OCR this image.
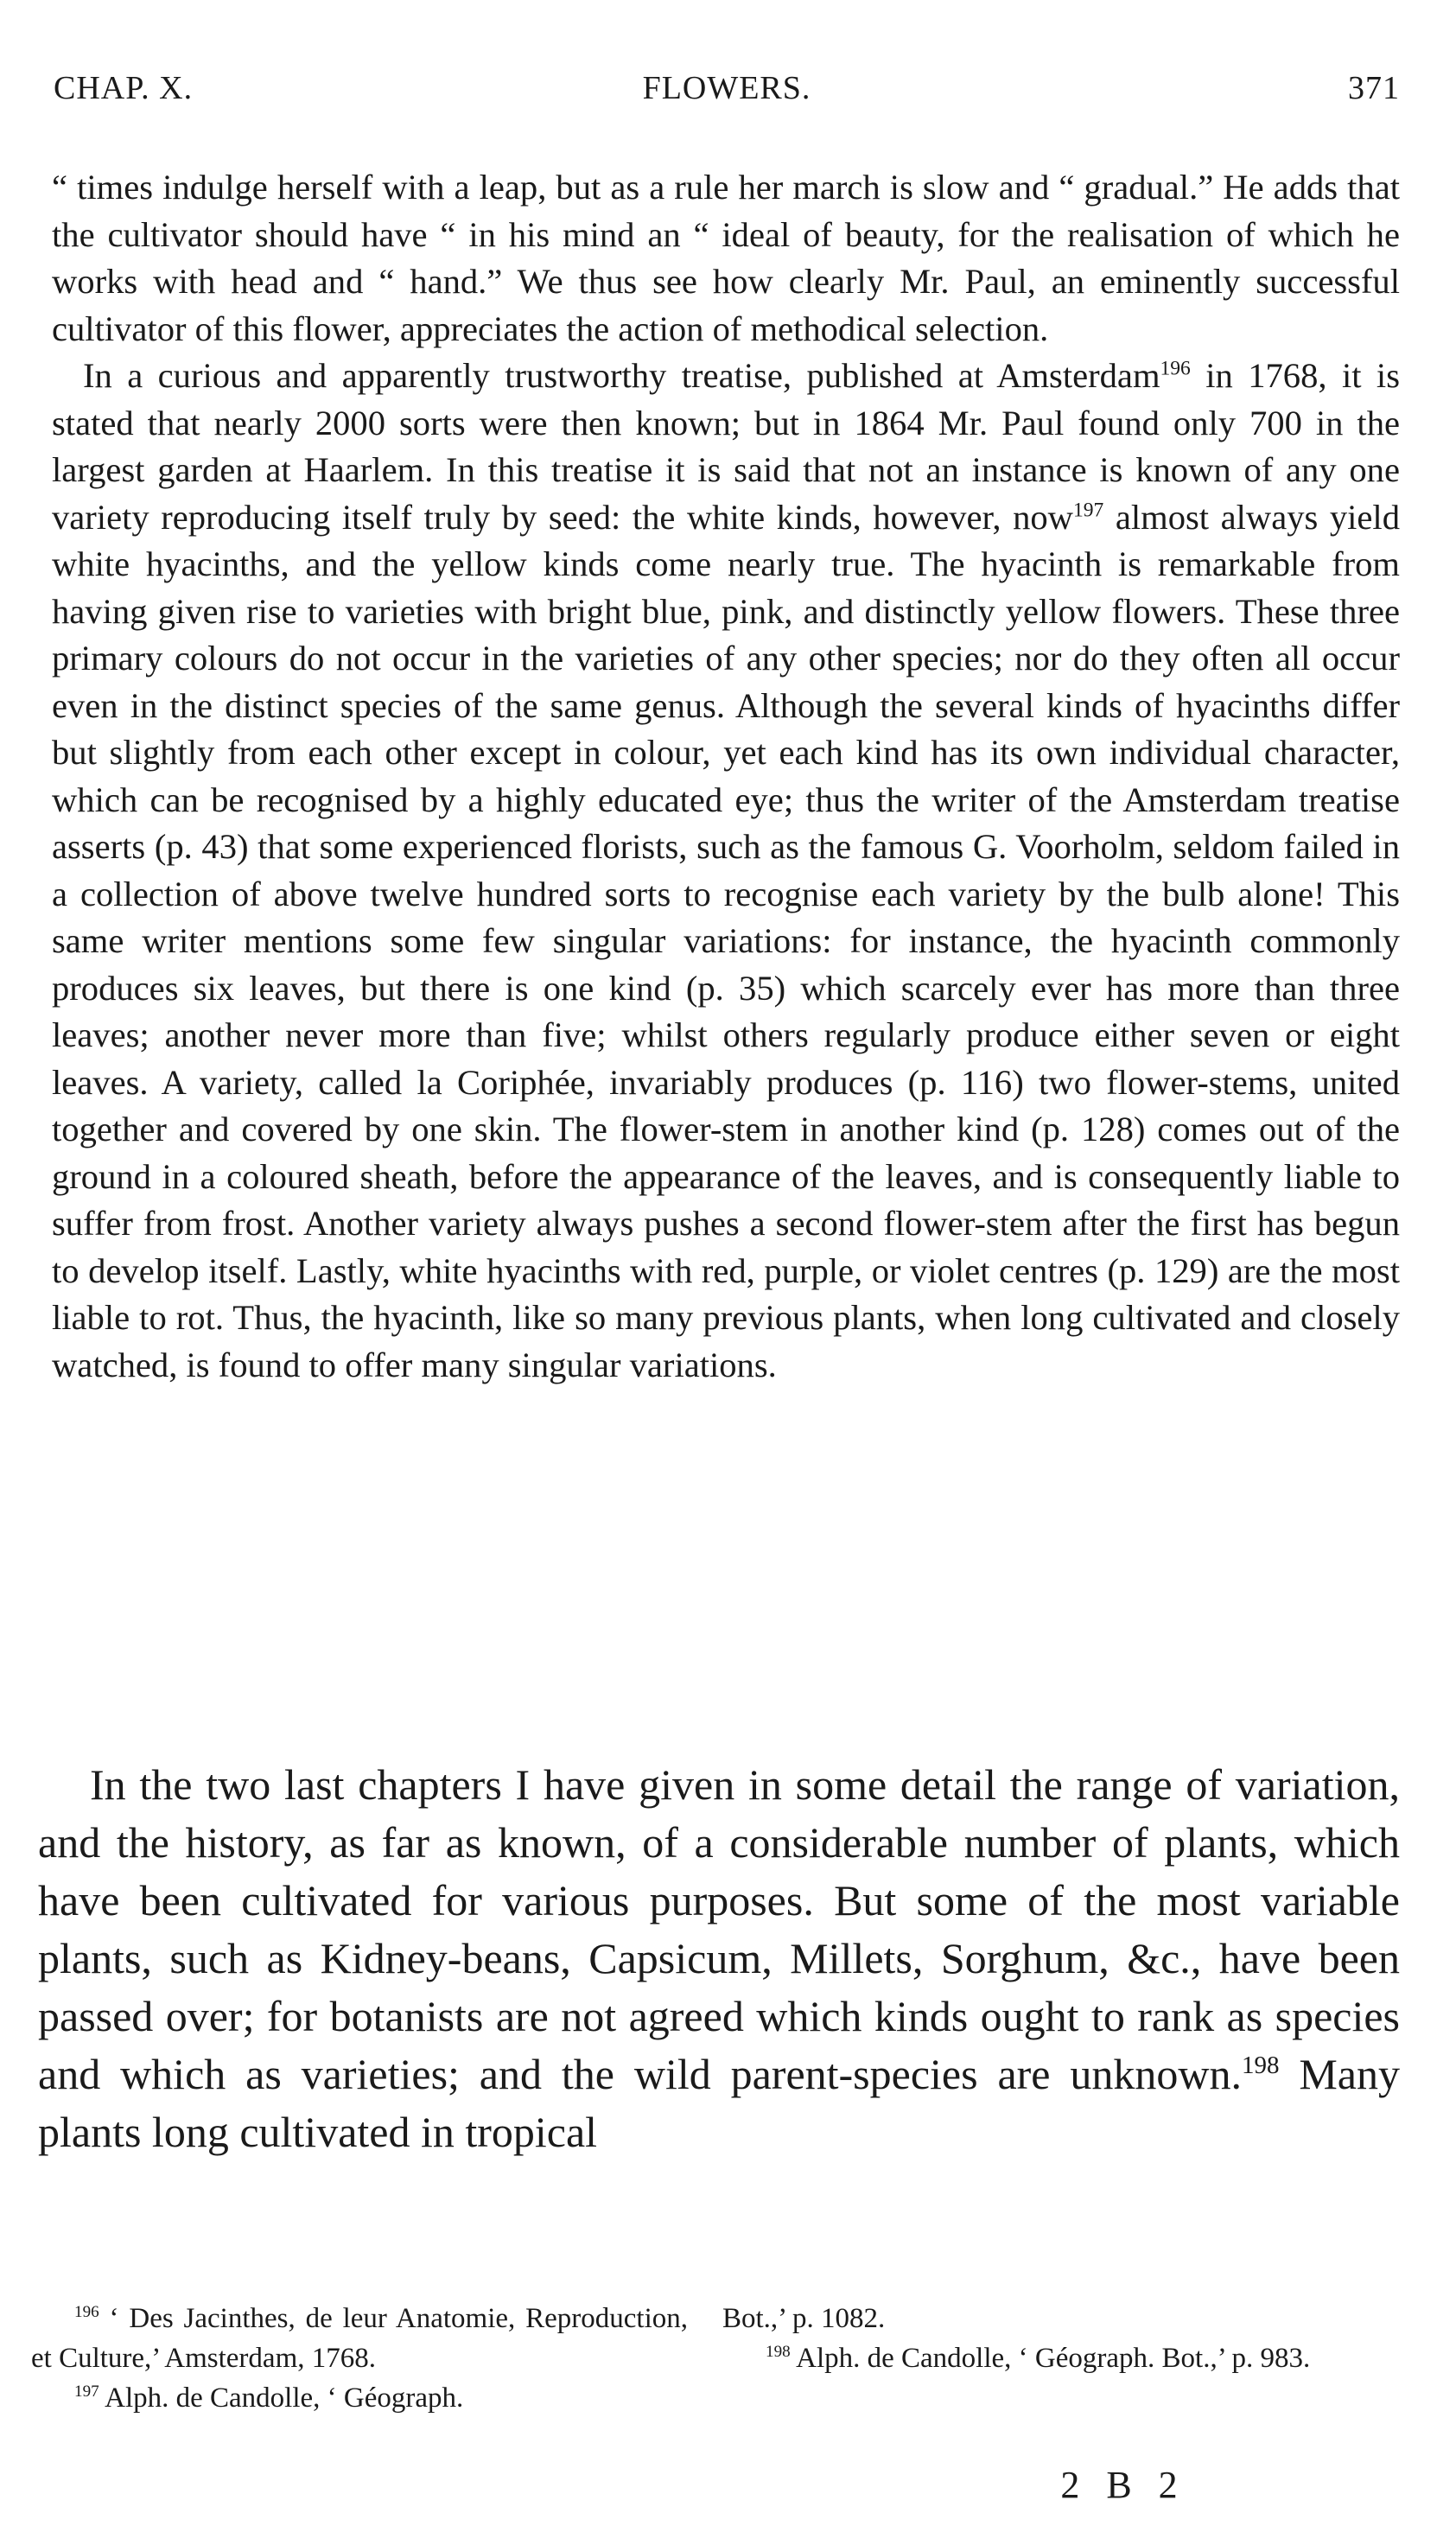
CHAP. X.	FLOWERS.	371

“ times indulge herself with a leap, but as a rule her march is slow and “ gradual.” He adds that the cultivator should have “ in his mind an “ ideal of beauty, for the realisation of which he works with head and “ hand.” We thus see how clearly Mr. Paul, an eminently successful cultivator of this flower, appreciates the action of methodical selection.

In a curious and apparently trustworthy treatise, published at Amsterdam$^{196}$ in 1768, it is stated that nearly 2000 sorts were then known; but in 1864 Mr. Paul found only 700 in the largest garden at Haarlem. In this treatise it is said that not an instance is known of any one variety reproducing itself truly by seed: the white kinds, however, now$^{197}$ almost always yield white hyacinths, and the yellow kinds come nearly true. The hyacinth is remarkable from having given rise to varieties with bright blue, pink, and distinctly yellow flowers. These three primary colours do not occur in the varieties of any other species; nor do they often all occur even in the distinct species of the same genus. Although the several kinds of hyacinths differ but slightly from each other except in colour, yet each kind has its own individual character, which can be recognised by a highly educated eye; thus the writer of the Amsterdam treatise asserts (p. 43) that some experienced florists, such as the famous G. Voorholm, seldom failed in a collection of above twelve hundred sorts to recognise each variety by the bulb alone! This same writer mentions some few singular variations: for instance, the hyacinth commonly produces six leaves, but there is one kind (p. 35) which scarcely ever has more than three leaves; another never more than five; whilst others regularly produce either seven or eight leaves. A variety, called la Coriphée, invariably produces (p. 116) two flower-stems, united together and covered by one skin. The flower-stem in another kind (p. 128) comes out of the ground in a coloured sheath, before the appearance of the leaves, and is consequently liable to suffer from frost. Another variety always pushes a second flower-stem after the first has begun to develop itself. Lastly, white hyacinths with red, purple, or violet centres (p. 129) are the most liable to rot. Thus, the hyacinth, like so many previous plants, when long cultivated and closely watched, is found to offer many singular variations.

In the two last chapters I have given in some detail the range of variation, and the history, as far as known, of a considerable number of plants, which have been cultivated for various purposes. But some of the most variable plants, such as Kidney-beans, Capsicum, Millets, Sorghum, &c., have been passed over; for botanists are not agreed which kinds ought to rank as species and which as varieties; and the wild parent-species are unknown.$^{198}$ Many plants long cultivated in tropical

$^{196}$ ‘ Des Jacinthes, de leur Anatomie, Reproduction, et Culture,’ Amsterdam, 1768.

$^{197}$ Alph. de Candolle, ‘ Géograph.

Bot.,’ p. 1082.

$^{198}$ Alph. de Candolle, ‘ Géograph. Bot.,’ p. 983.

2 B 2
